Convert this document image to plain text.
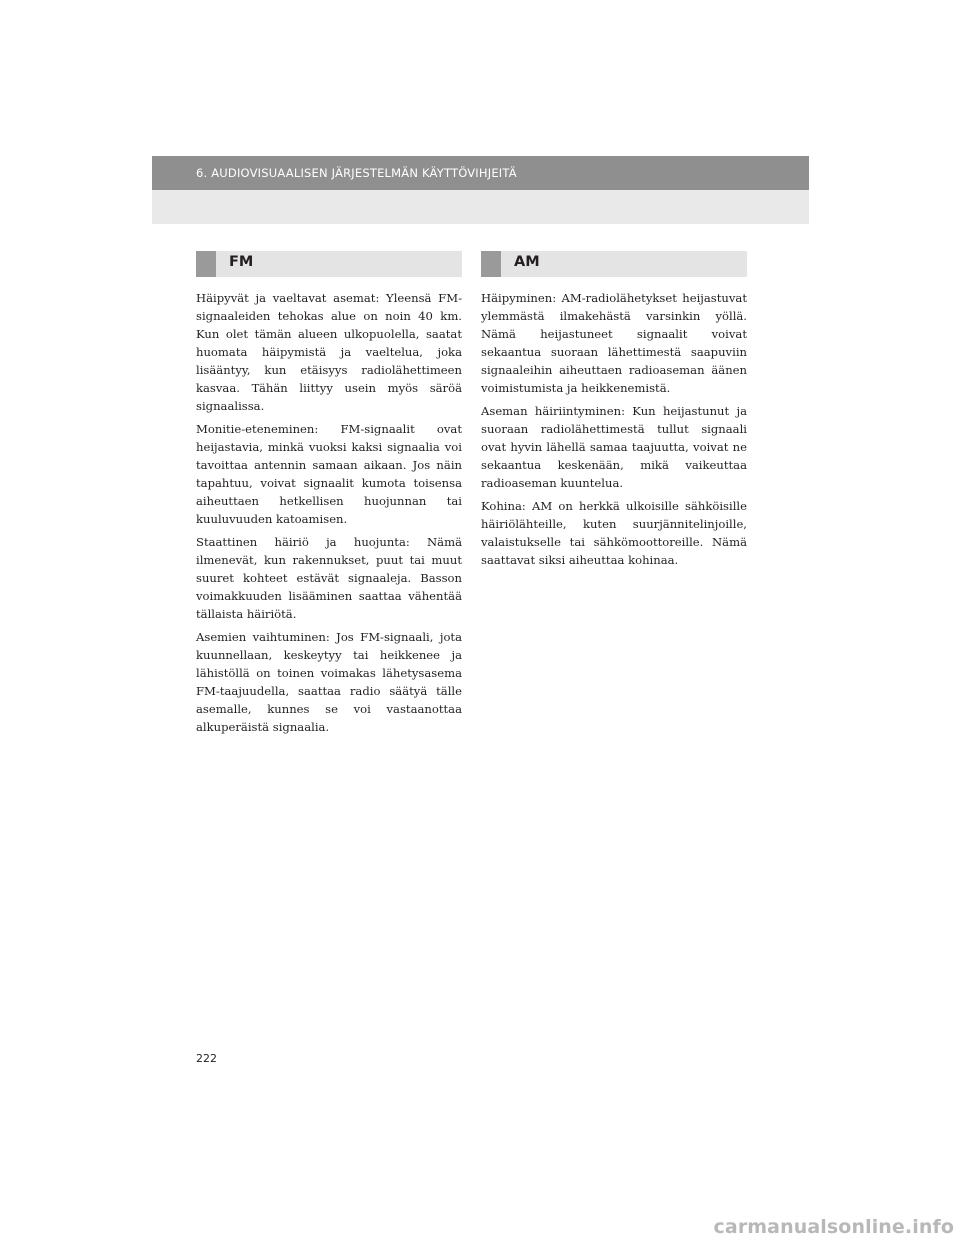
6. AUDIOVISUAALISEN JÄRJESTELMÄN KÄYTTÖVIHJEITÄ
FM

Häipyvät ja vaeltavat asemat: Yleensä FM-signaaleiden tehokas alue on noin 40 km. Kun olet tämän alueen ulkopuolella, saatat huomata häipymistä ja vaeltelua, joka lisääntyy, kun etäisyys radiolähettimeen kasvaa. Tähän liittyy usein myös säröä signaalissa.

Monitie-eteneminen: FM-signaalit ovat heijastavia, minkä vuoksi kaksi signaalia voi tavoittaa antennin samaan aikaan. Jos näin tapahtuu, voivat signaalit kumota toisensa aiheuttaen hetkellisen huojunnan tai kuuluvuuden katoamisen.

Staattinen häiriö ja huojunta: Nämä ilmenevät, kun rakennukset, puut tai muut suuret kohteet estävät signaaleja. Basson voimakkuuden lisääminen saattaa vähentää tällaista häiriötä.

Asemien vaihtuminen: Jos FM-signaali, jota kuunnellaan, keskeytyy tai heikkenee ja lähistöllä on toinen voimakas lähetysasema FM-taajuudella, saattaa radio säätyä tälle asemalle, kunnes se voi vastaanottaa alkuperäistä signaalia.

AM

Häipyminen: AM-radiolähetykset heijastuvat ylemmästä ilmakehästä varsinkin yöllä. Nämä heijastuneet signaalit voivat sekaantua suoraan lähettimestä saapuviin signaaleihin aiheuttaen radioaseman äänen voimistumista ja heikkenemistä.

Aseman häiriintyminen: Kun heijastunut ja suoraan radiolähettimestä tullut signaali ovat hyvin lähellä samaa taajuutta, voivat ne sekaantua keskenään, mikä vaikeuttaa radioaseman kuuntelua.

Kohina: AM on herkkä ulkoisille sähköisille häiriölähteille, kuten suurjännitelinjoille, valaistukselle tai sähkömoottoreille. Nämä saattavat siksi aiheuttaa kohinaa.

222
carmanualsonline.info
